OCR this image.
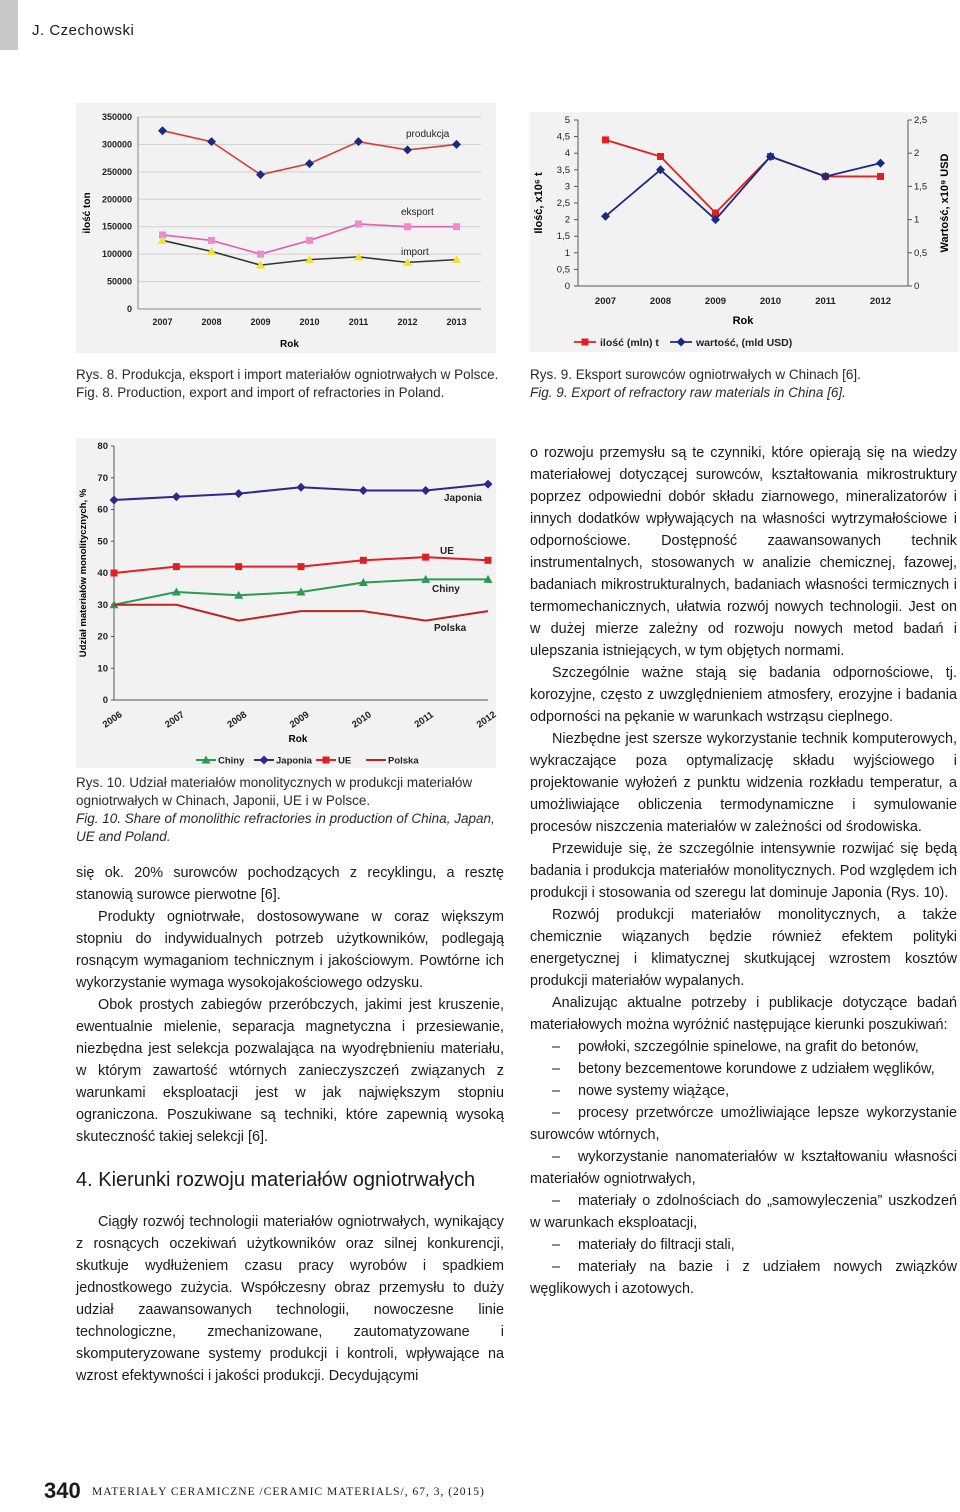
J. Czechowski
0
50000
100000
150000
200000
250000
300000
350000
2007	2008	2009	2010	2011	2012	2013
Rok
ilość ton
produkcja
eksport
import
Rys. 8. Produkcja, eksport i import materiałów ogniotrwałych w Polsce.
Fig. 8. Production, export and import of refractories in Poland.
0
0,5
1
1,5
2
2,5
3
3,5
4
4,5
5
0
0,5
1
1,5
2
2,5
2007	2008	2009	2010	2011	2012
Rok
Ilość, x10⁶ t	Wartość, x10⁹ USD
ilość (mln) t	wartość, (mld USD)
Rys. 9. Eksport surowców ogniotrwałych w Chinach [6].
Fig. 9. Export of refractory raw materials in China [6].
0
10
20
30
40
50
60
70
80
2006	2007	2008	2009	2010	2011	2012
Rok
Udział materiałów monolitycznych, %	Japonia
UE
Chiny
Polska
Chiny	Japonia	UE	Polska
Rys. 10. Udział materiałów monolitycznych w produkcji materiałów ogniotrwałych w Chinach, Japonii, UE i w Polsce.
Fig. 10. Share of monolithic refractories in production of China, Japan, UE and Poland.

się ok. 20% surowców pochodzących z recyklingu, a resztę stanowią surowce pierwotne [6].

Produkty ogniotrwałe, dostosowywane w coraz większym stopniu do indywidualnych potrzeb użytkowników, podlegają rosnącym wymaganiom technicznym i jakościowym. Powtórne ich wykorzystanie wymaga wysokojakościowego odzysku.

Obok prostych zabiegów przeróbczych, jakimi jest kruszenie, ewentualnie mielenie, separacja magnetyczna i przesiewanie, niezbędna jest selekcja pozwalająca na wyodrębnieniu materiału, w którym zawartość wtórnych zanieczyszczeń związanych z warunkami eksploatacji jest w jak największym stopniu ograniczona. Poszukiwane są techniki, które zapewnią wysoką skuteczność takiej selekcji [6].

4. Kierunki rozwoju materiałów ogniotrwałych

Ciągły rozwój technologii materiałów ogniotrwałych, wynikający z rosnących oczekiwań użytkowników oraz silnej konkurencji, skutkuje wydłużeniem czasu pracy wyrobów i spadkiem jednostkowego zużycia. Współczesny obraz przemysłu to duży udział zaawansowanych technologii, nowoczesne linie technologiczne, zmechanizowane, zautomatyzowane i skomputeryzowane systemy produkcji i kontroli, wpływające na wzrost efektywności i jakości produkcji. Decydującymi

o rozwoju przemysłu są te czynniki, które opierają się na wiedzy materiałowej dotyczącej surowców, kształtowania mikrostruktury poprzez odpowiedni dobór składu ziarnowego, mineralizatorów i innych dodatków wpływających na własności wytrzymałościowe i odpornościowe. Dostępność zaawansowanych technik instrumentalnych, stosowanych w analizie chemicznej, fazowej, badaniach mikrostrukturalnych, badaniach własności termicznych i termomechanicznych, ułatwia rozwój nowych technologii. Jest on w dużej mierze zależny od rozwoju nowych metod badań i ulepszania istniejących, w tym objętych normami.

Szczególnie ważne stają się badania odpornościowe, tj. korozyjne, często z uwzględnieniem atmosfery, erozyjne i badania odporności na pękanie w warunkach wstrząsu cieplnego.

Niezbędne jest szersze wykorzystanie technik komputerowych, wykraczające poza optymalizację składu wyjściowego i projektowanie wyłożeń z punktu widzenia rozkładu temperatur, a umożliwiające obliczenia termodynamiczne i symulowanie procesów niszczenia materiałów w zależności od środowiska.

Przewiduje się, że szczególnie intensywnie rozwijać się będą badania i produkcja materiałów monolitycznych. Pod względem ich produkcji i stosowania od szeregu lat dominuje Japonia (Rys. 10).

Rozwój produkcji materiałów monolitycznych, a także chemicznie wiązanych będzie również efektem polityki energetycznej i klimatycznej skutkującej wzrostem kosztów produkcji materiałów wypalanych.

Analizując aktualne potrzeby i publikacje dotyczące badań materiałowych można wyróżnić następujące kierunki poszukiwań:

– powłoki, szczególnie spinelowe, na grafit do betonów,
– betony bezcementowe korundowe z udziałem węglików,
– nowe systemy wiążące,
– procesy przetwórcze umożliwiające lepsze wykorzystanie surowców wtórnych,
– wykorzystanie nanomateriałów w kształtowaniu własności materiałów ogniotrwałych,
– materiały o zdolnościach do „samowyleczenia” uszkodzeń w warunkach eksploatacji,
– materiały do filtracji stali,
– materiały na bazie i z udziałem nowych związków węglikowych i azotowych.
340 MATERIAŁY CERAMICZNE /CERAMIC MATERIALS/, 67, 3, (2015)
